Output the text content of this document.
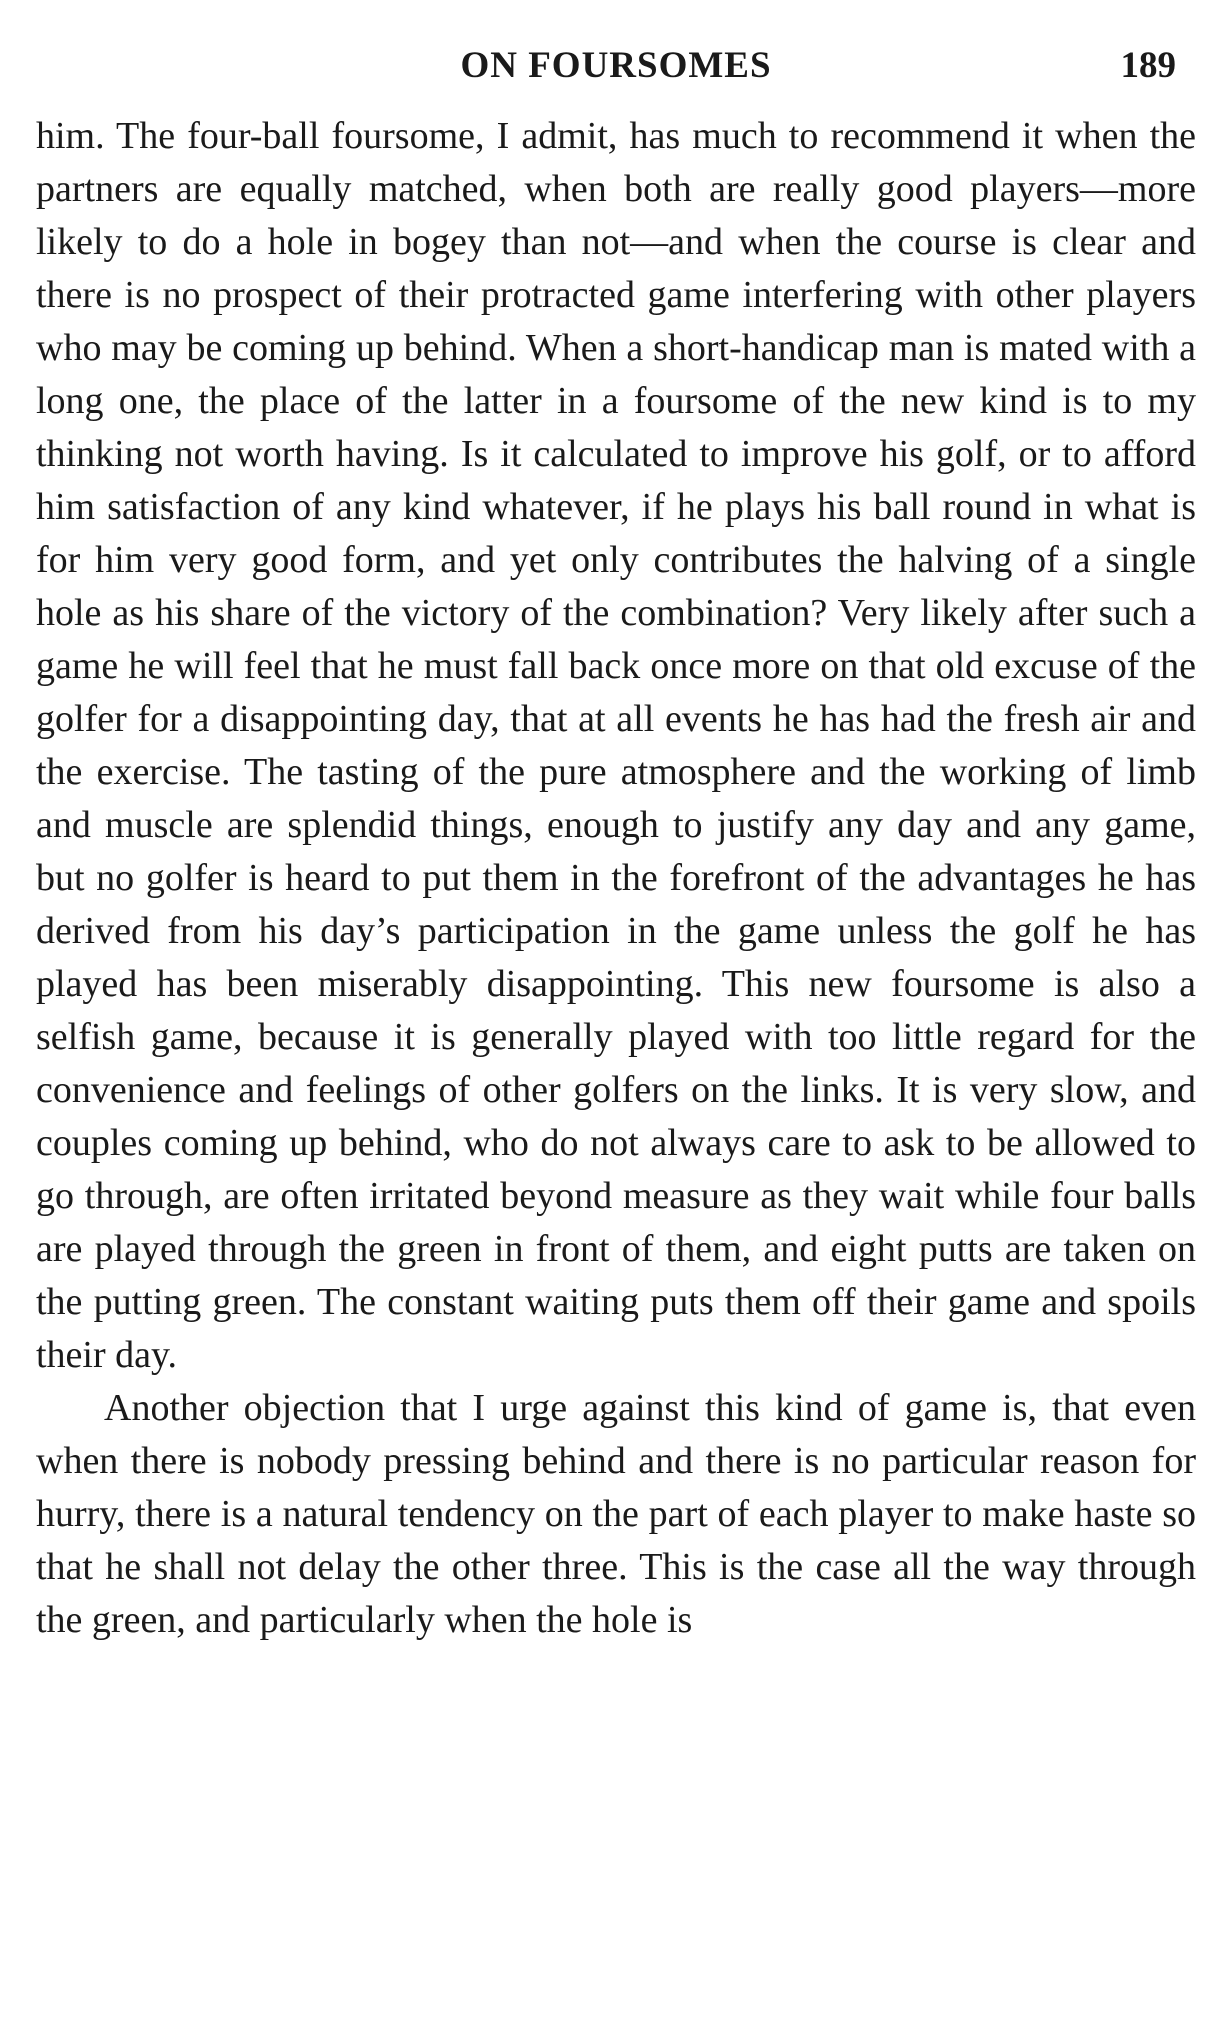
ON FOURSOMES	189

him. The four-ball foursome, I admit, has much to recommend it when the partners are equally matched, when both are really good players—more likely to do a hole in bogey than not—and when the course is clear and there is no prospect of their protracted game interfering with other players who may be coming up behind. When a short-handicap man is mated with a long one, the place of the latter in a foursome of the new kind is to my thinking not worth having. Is it calculated to improve his golf, or to afford him satisfaction of any kind whatever, if he plays his ball round in what is for him very good form, and yet only contributes the halving of a single hole as his share of the victory of the combination? Very likely after such a game he will feel that he must fall back once more on that old excuse of the golfer for a disappointing day, that at all events he has had the fresh air and the exercise. The tasting of the pure atmosphere and the working of limb and muscle are splendid things, enough to justify any day and any game, but no golfer is heard to put them in the forefront of the advantages he has derived from his day’s participation in the game unless the golf he has played has been miserably disappointing. This new foursome is also a selfish game, because it is generally played with too little regard for the convenience and feelings of other golfers on the links. It is very slow, and couples coming up behind, who do not always care to ask to be allowed to go through, are often irritated beyond measure as they wait while four balls are played through the green in front of them, and eight putts are taken on the putting green. The constant waiting puts them off their game and spoils their day.

Another objection that I urge against this kind of game is, that even when there is nobody pressing behind and there is no particular reason for hurry, there is a natural tendency on the part of each player to make haste so that he shall not delay the other three. This is the case all the way through the green, and particularly when the hole is
